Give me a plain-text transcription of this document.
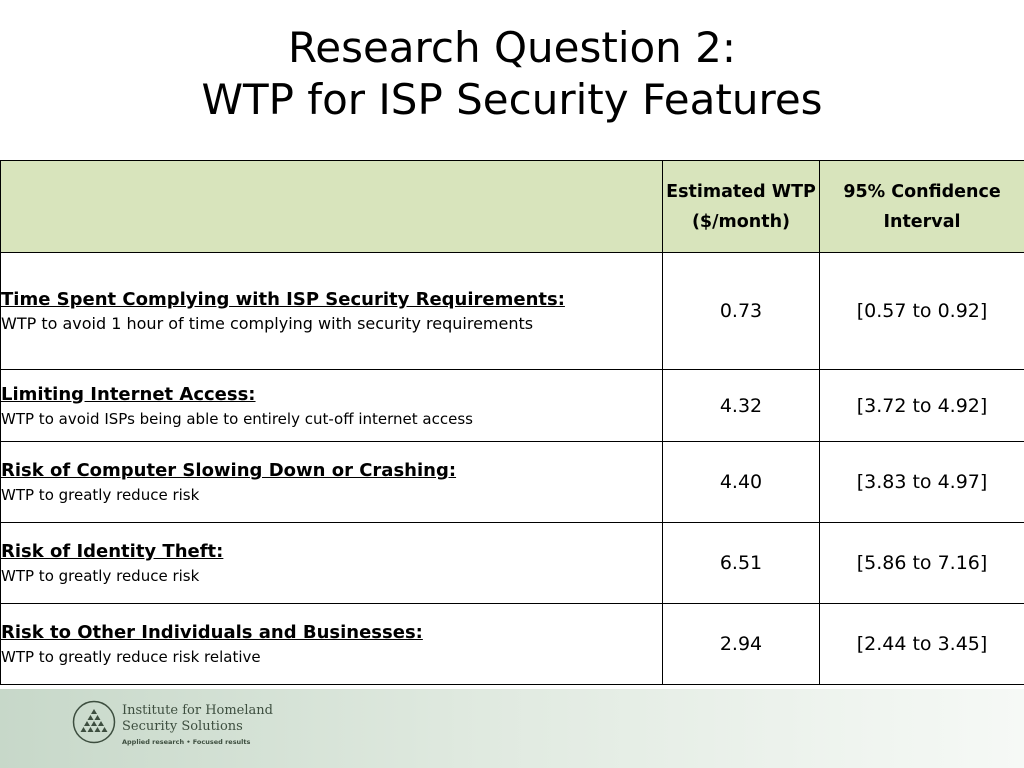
Research Question 2:
WTP for ISP Security Features
	Estimated WTP ($/month)	95% Confidence Interval

Time Spent Complying with ISP Security Requirements:
WTP to avoid 1 hour of time complying with security requirements	0.73	[0.57 to 0.92]

Limiting Internet Access:
WTP to avoid ISPs being able to entirely cut-off internet access	4.32	[3.72 to 4.92]

Risk of Computer Slowing Down or Crashing:
WTP to greatly reduce risk	4.40	[3.83 to 4.97]

Risk of Identity Theft:
WTP to greatly reduce risk	6.51	[5.86 to 7.16]

Risk to Other Individuals and Businesses:
WTP to greatly reduce risk relative	2.94	[2.44 to 3.45]
Institute for Homeland
Security Solutions
Applied research • Focused results
